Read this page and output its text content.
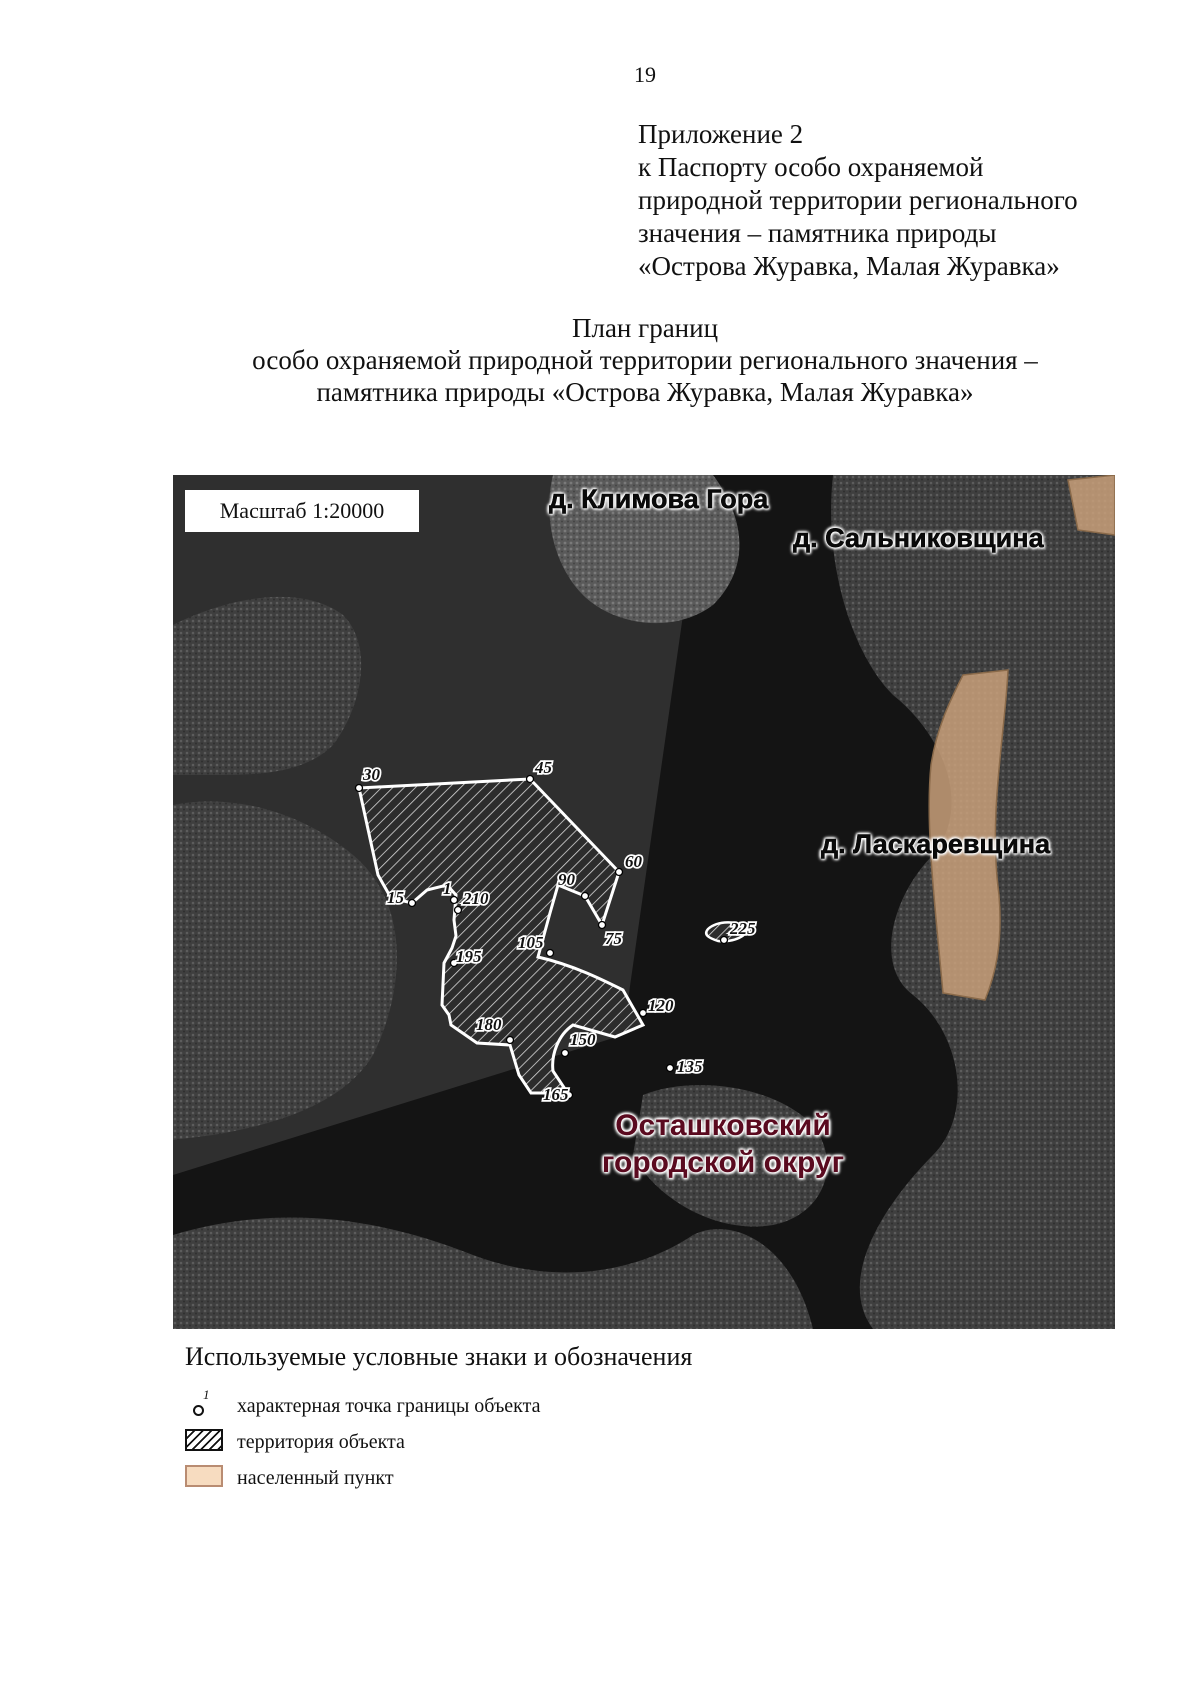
19
Приложение 2
к Паспорту особо охраняемой
природной территории регионального
значения – памятника природы
«Острова Журавка, Малая Журавка»
План границ
особо охраняемой природной территории регионального значения –
памятника природы «Острова Журавка, Малая Журавка»
30	45
60
75
90
105
120
135
150
165
180
195
210
1
15
225
Масштаб 1:20000	д. Климова Гора
д. Сальниковщина
д. Ласкаревщина
Осташковский
городской округ
Используемые условные знаки и обозначения
1 характерная точка границы объекта
территория объекта
населенный пункт
